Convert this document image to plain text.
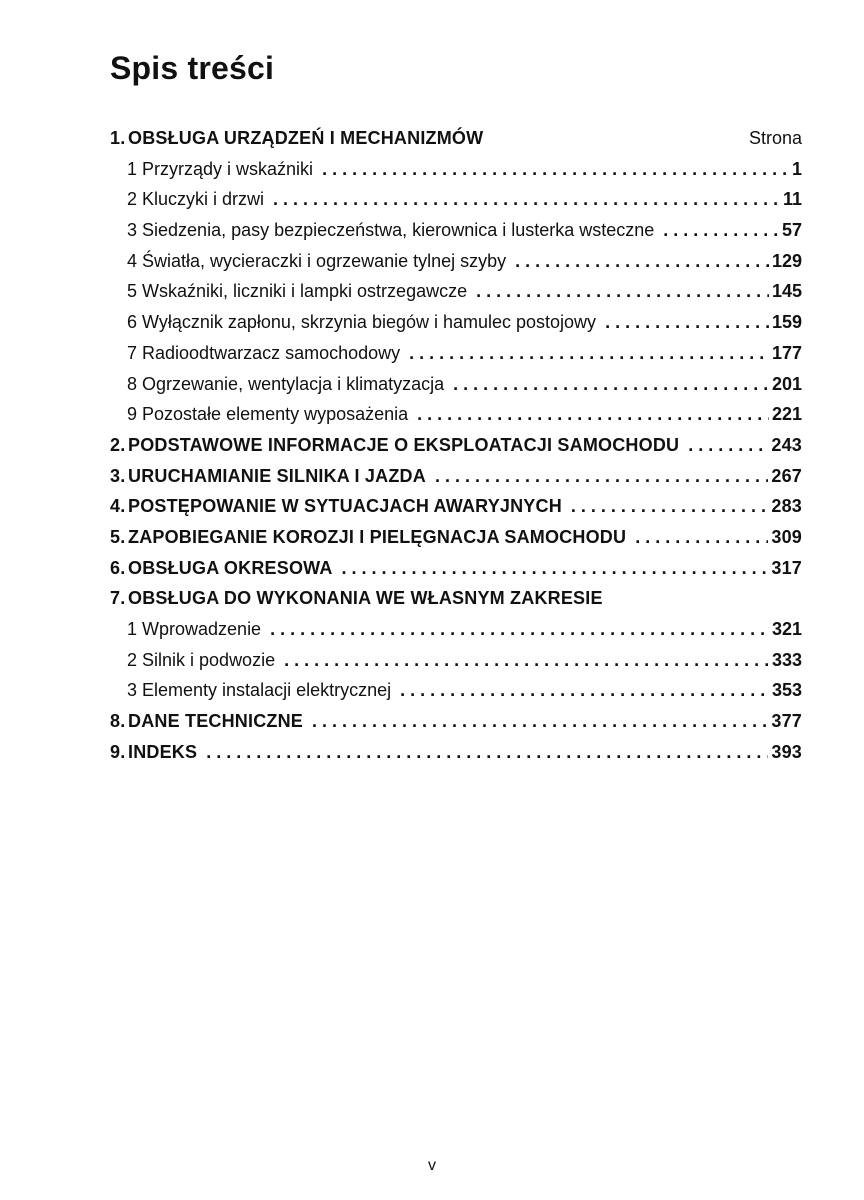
Spis treści
1. OBSŁUGA URZĄDZEŃ I MECHANIZMÓW	Strona
1 Przyrządy i wskaźniki . . .	1
2 Kluczyki i drzwi . . .	11
3 Siedzenia, pasy bezpieczeństwa, kierownica i lusterka wsteczne . . .	57
4 Światła, wycieraczki i ogrzewanie tylnej szyby . . .	129
5 Wskaźniki, liczniki i lampki ostrzegawcze . . .	145
6 Wyłącznik zapłonu, skrzynia biegów i hamulec postojowy . . .	159
7 Radioodtwarzacz samochodowy . . .	177
8 Ogrzewanie, wentylacja i klimatyzacja . . .	201
9 Pozostałe elementy wyposażenia . . .	221
2. PODSTAWOWE INFORMACJE O EKSPLOATACJI SAMOCHODU . . .	243
3. URUCHAMIANIE SILNIKA I JAZDA . . .	267
4. POSTĘPOWANIE W SYTUACJACH AWARYJNYCH . . .	283
5. ZAPOBIEGANIE KOROZJI I PIELĘGNACJA SAMOCHODU . . .	309
6. OBSŁUGA OKRESOWA . . .	317
7. OBSŁUGA DO WYKONANIA WE WŁASNYM ZAKRESIE
1 Wprowadzenie . . .	321
2 Silnik i podwozie . . .	333
3 Elementy instalacji elektrycznej . . .	353
8. DANE TECHNICZNE . . .	377
9. INDEKS . . .	393
v
